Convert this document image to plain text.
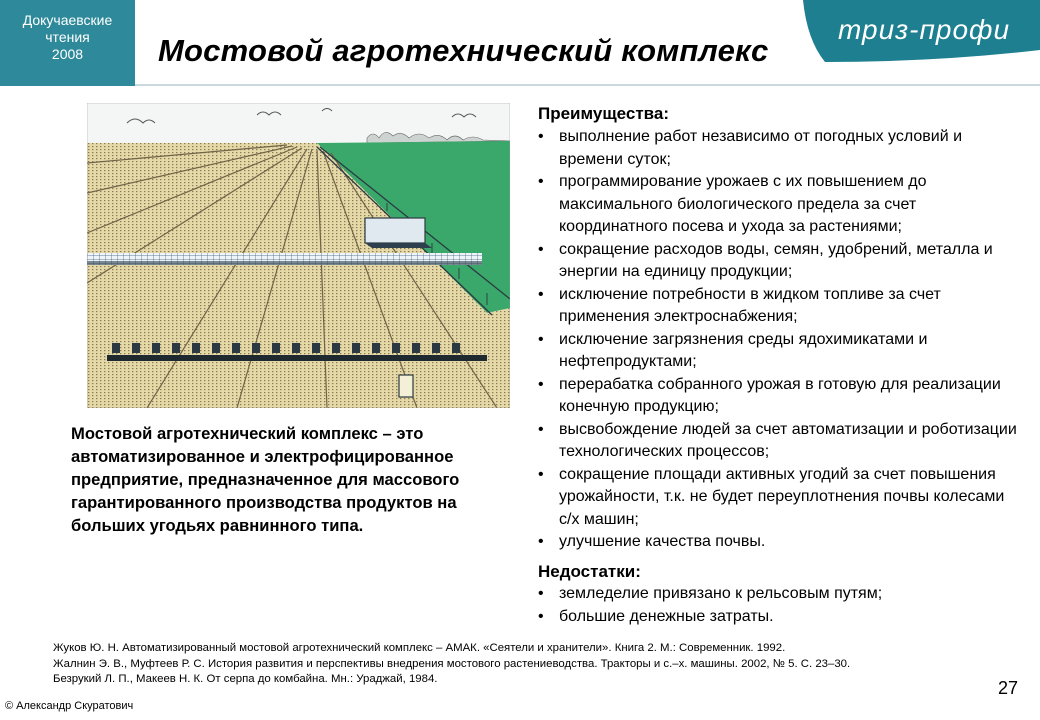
Докучаевские
чтения
2008	Мостовой агротехнический комплекс
триз-профи

Мостовой агротехнический комплекс – это автоматизированное и электрофицированное предприятие, предназначенное для массового гарантированного производства продуктов на больших угодьях равнинного типа.

Преимущества:

• выполнение работ независимо от погодных условий и времени суток;
• программирование урожаев с их повышением до максимального биологического предела за счет координатного посева и ухода за растениями;
• сокращение расходов воды, семян, удобрений, металла и энергии на единицу продукции;
• исключение потребности в жидком топливе за счет применения электроснабжения;
• исключение загрязнения среды ядохимикатами и нефтепродуктами;
• перерабатка собранного урожая в готовую для реализации конечную продукцию;
• высвобождение людей за счет автоматизации и роботизации технологических процессов;
• сокращение площади активных угодий за счет повышения урожайности, т.к. не будет переуплотнения почвы колесами с/х машин;
• улучшение качества почвы.

Недостатки:

• земледелие привязано к рельсовым путям;
• большие денежные затраты.
Жуков Ю. Н. Автоматизированный мостовой агротехнический комплекс – АМАК. «Сеятели и хранители». Книга 2. М.: Современник. 1992.
Жалнин Э. В., Муфтеев Р. С. История развития и перспективы внедрения мостового растениеводства. Тракторы и с.–х. машины. 2002, № 5. С. 23–30.
Безрукий Л. П., Макеев Н. К. От серпа до комбайна. Мн.: Ураджай, 1984.
© Александр Скуратович
27
